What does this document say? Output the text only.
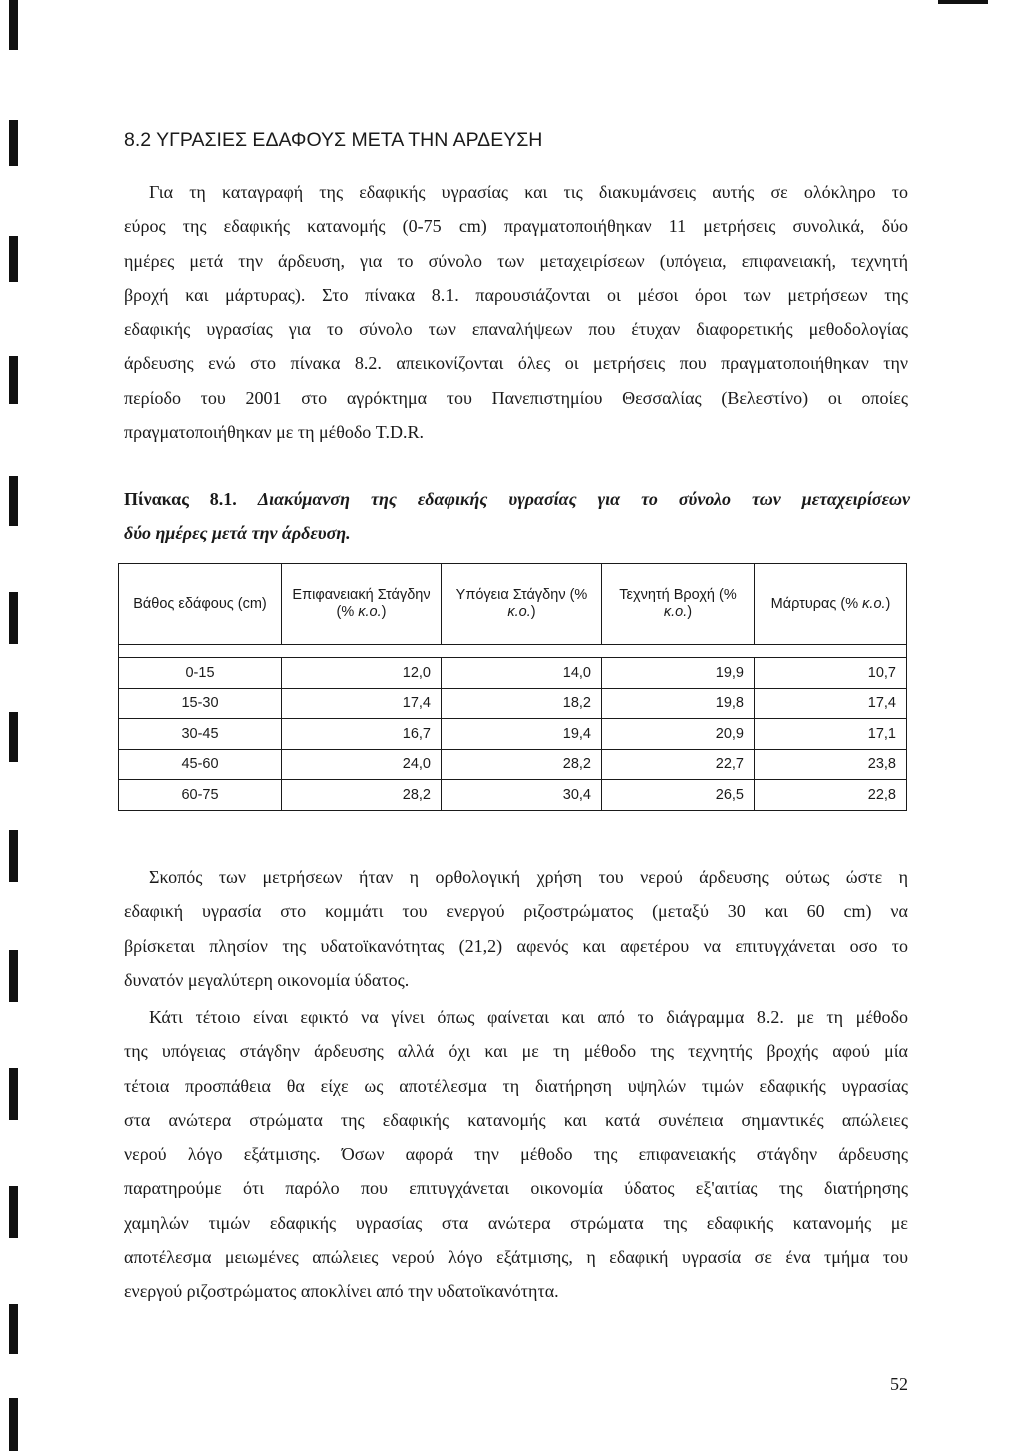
8.2 ΥΓΡΑΣΙΕΣ ΕΔΑΦΟΥΣ ΜΕΤΑ ΤΗΝ ΑΡΔΕΥΣΗ
Για τη καταγραφή της εδαφικής υγρασίας και τις διακυμάνσεις αυτής σε ολόκληρο το
εύρος της εδαφικής κατανομής (0-75 cm) πραγματοποιήθηκαν 11 μετρήσεις συνολικά, δύο
ημέρες μετά την άρδευση, για το σύνολο των μεταχειρίσεων (υπόγεια, επιφανειακή, τεχνητή
βροχή και μάρτυρας). Στο πίνακα 8.1. παρουσιάζονται οι μέσοι όροι των μετρήσεων της
εδαφικής υγρασίας για το σύνολο των επαναλήψεων που έτυχαν διαφορετικής μεθοδολογίας
άρδευσης ενώ στο πίνακα 8.2. απεικονίζονται όλες οι μετρήσεις που πραγματοποιήθηκαν την
περίοδο του 2001 στο αγρόκτημα του Πανεπιστημίου Θεσσαλίας (Βελεστίνο) οι οποίες
πραγματοποιήθηκαν με τη μέθοδο T.D.R.
Πίνακας 8.1. Διακύμανση της εδαφικής υγρασίας για το σύνολο των μεταχειρίσεων
δύο ημέρες μετά την άρδευση.
Βάθος εδάφους (cm)	Επιφανειακή Στάγδην (% κ.ο.)	Υπόγεια Στάγδην (% κ.ο.)	Τεχνητή Βροχή (% κ.ο.)	Μάρτυρας (% κ.ο.)

0-15	12,0	14,0	19,9	10,7
15-30	17,4	18,2	19,8	17,4
30-45	16,7	19,4	20,9	17,1
45-60	24,0	28,2	22,7	23,8
60-75	28,2	30,4	26,5	22,8
Σκοπός των μετρήσεων ήταν η ορθολογική χρήση του νερού άρδευσης ούτως ώστε η
εδαφική υγρασία στο κομμάτι του ενεργού ριζοστρώματος (μεταξύ 30 και 60 cm) να
βρίσκεται πλησίον της υδατοϊκανότητας (21,2) αφενός και αφετέρου να επιτυγχάνεται οσο το
δυνατόν μεγαλύτερη οικονομία ύδατος.
Κάτι τέτοιο είναι εφικτό να γίνει όπως φαίνεται και από το διάγραμμα 8.2. με τη μέθοδο
της υπόγειας στάγδην άρδευσης αλλά όχι και με τη μέθοδο της τεχνητής βροχής αφού μία
τέτοια προσπάθεια θα είχε ως αποτέλεσμα τη διατήρηση υψηλών τιμών εδαφικής υγρασίας
στα ανώτερα στρώματα της εδαφικής κατανομής και κατά συνέπεια σημαντικές απώλειες
νερού λόγο εξάτμισης. Όσων αφορά την μέθοδο της επιφανειακής στάγδην άρδευσης
παρατηρούμε ότι παρόλο που επιτυγχάνεται οικονομία ύδατος εξ'αιτίας της διατήρησης
χαμηλών τιμών εδαφικής υγρασίας στα ανώτερα στρώματα της εδαφικής κατανομής με
αποτέλεσμα μειωμένες απώλειες νερού λόγο εξάτμισης, η εδαφική υγρασία σε ένα τμήμα του
ενεργού ριζοστρώματος αποκλίνει από την υδατοϊκανότητα.
52
